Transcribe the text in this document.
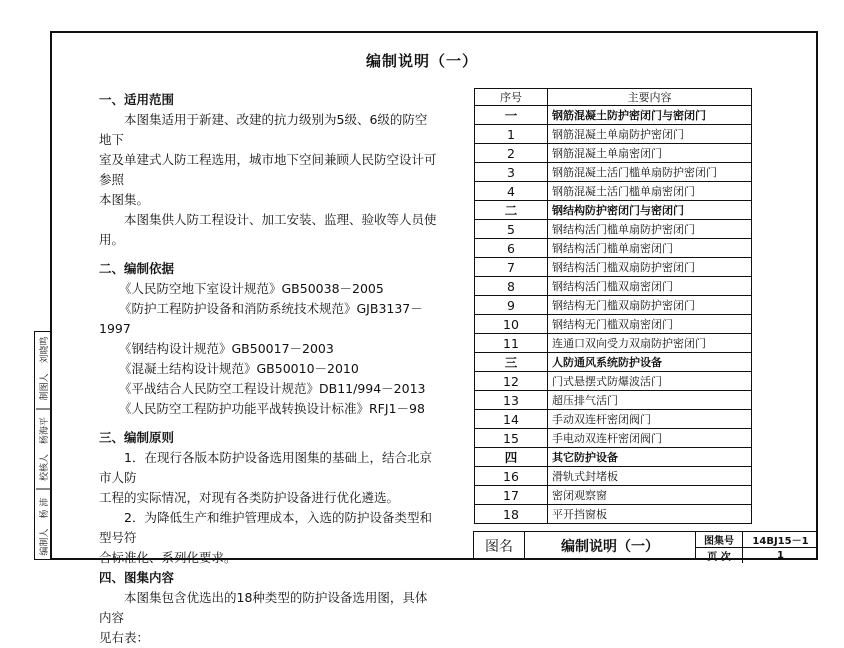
编制人
杨 沛
校核人
杨海平
制图人
刘晓鸣
编制说明（一）

一、适用范围

本图集适用于新建、改建的抗力级别为5级、6级的防空地下

室及单建式人防工程选用，城市地下空间兼顾人民防空设计可参照

本图集。

本图集供人防工程设计、加工安装、监理、验收等人员使用。

二、编制依据

《人民防空地下室设计规范》GB50038－2005

《防护工程防护设备和消防系统技术规范》GJB3137－

1997

《钢结构设计规范》GB50017－2003

《混凝土结构设计规范》GB50010－2010

《平战结合人民防空工程设计规范》DB11/994－2013

《人民防空工程防护功能平战转换设计标准》RFJ1－98

三、编制原则

1．在现行各版本防护设备选用图集的基础上，结合北京市人防

工程的实际情况，对现有各类防护设备进行优化遴选。

2．为降低生产和维护管理成本，入选的防护设备类型和型号符

合标准化、系列化要求。

四、图集内容

本图集包含优选出的18种类型的防护设备选用图，具体内容

见右表：

序号	主要内容
一	钢筋混凝土防护密闭门与密闭门
1	钢筋混凝土单扇防护密闭门
2	钢筋混凝土单扇密闭门
3	钢筋混凝土活门槛单扇防护密闭门
4	钢筋混凝土活门槛单扇密闭门
二	钢结构防护密闭门与密闭门
5	钢结构活门槛单扇防护密闭门
6	钢结构活门槛单扇密闭门
7	钢结构活门槛双扇防护密闭门
8	钢结构活门槛双扇密闭门
9	钢结构无门槛双扇防护密闭门
10	钢结构无门槛双扇密闭门
11	连通口双向受力双扇防护密闭门
三	人防通风系统防护设备
12	门式悬摆式防爆波活门
13	超压排气活门
14	手动双连杆密闭阀门
15	手电动双连杆密闭阀门
四	其它防护设备
16	滑轨式封堵板
17	密闭观察窗
18	平开挡窗板
图名	编制说明（一）	图集号	14BJ15－1
页 次	1
